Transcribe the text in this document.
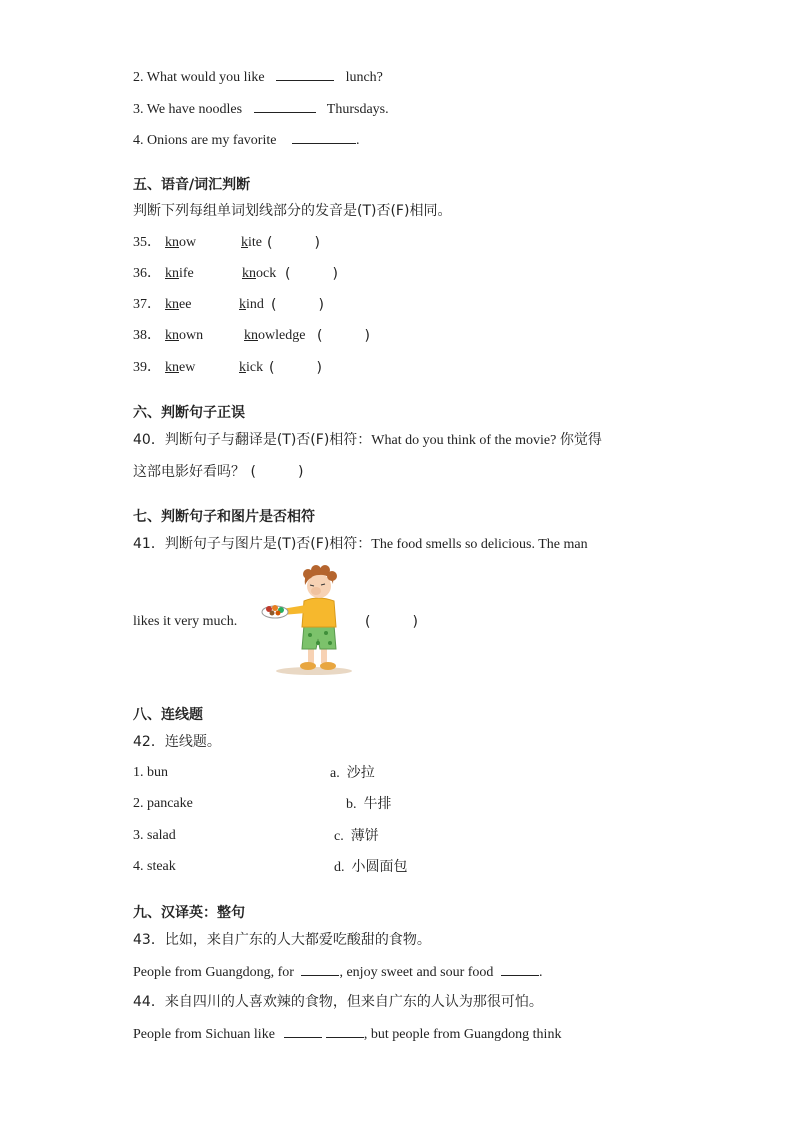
2. What would you like	lunch?
3. We have noodles	Thursdays.
4. Onions are my favorite	.
五、语音/词汇判断
判断下列每组单词划线部分的发音是(T)否(F)相同。
35． know	kite (　　　)
36． knife	knock (　　　)
37． knee	kind (　　　)
38． known	knowledge (　　　)
39． knew	kick (　　　)
六、判断句子正误
40．判断句子与翻译是(T)否(F)相符：What do you think of the movie? 你觉得
这部电影好看吗？ (　　　)
七、判断句子和图片是否相符
41．判断句子与图片是(T)否(F)相符：The food smells so delicious. The man
likes it very much.	(　　　)
八、连线题
42．连线题。
1. bun
2. pancake
3. salad
4. steak
a. 沙拉
b. 牛排
c. 薄饼
d. 小圆面包
九、汉译英：整句
43．比如，来自广东的人大都爱吃酸甜的食物。
People from Guangdong, for	, enjoy sweet and sour food	.
44．来自四川的人喜欢辣的食物，但来自广东的人认为那很可怕。
People from Sichuan like	, but people from Guangdong think
